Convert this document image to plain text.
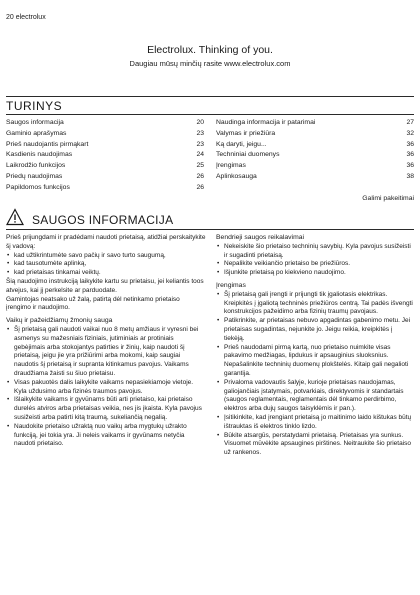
20 electrolux
Electrolux. Thinking of you.
Daugiau mūsų minčių rasite www.electrolux.com
TURINYS
Saugos informacija	20
Gaminio aprašymas	23
Prieš naudojantis pirmąkart	23
Kasdienis naudojimas	24
Laikrodžio funkcijos	25
Priedų naudojimas	26
Papildomos funkcijos	26
Naudinga informacija ir patarimai	27
Valymas ir priežiūra	32
Ką daryti, jeigu...	36
Techniniai duomenys	36
Įrengimas	36
Aplinkosauga	38
Galimi pakeitimai
SAUGOS INFORMACIJA

Prieš prijungdami ir pradėdami naudoti prietaisą, atidžiai perskaitykite šį vadovą:

• kad užtikrintumėte savo pačių ir savo turto saugumą,
• kad tausotumėte aplinką,
• kad prietaisas tinkamai veiktų.

Šią naudojimo instrukciją laikykite kartu su prietaisu, jei keliantis toos atvejus, kai jį perkelsite ar parduodate.

Gamintojas neatsako už žalą, patirtą dėl netinkamo prietaiso įrengimo ir naudojimo.

Vaikų ir pažeidžiamų žmonių sauga
• Šį prietaisą gali naudoti vaikai nuo 8 metų amžiaus ir vyresni bei asmenys su mažesniais fiziniais, jutiminiais ar protiniais gebėjimais arba stokojantys patirties ir žinių, kaip naudoti šį prietaisą, jeigu jie yra prižiūrimi arba mokomi, kaip saugiai naudotis šį prietaisą ir supranta kitinkamus pavojus. Vaikams draudžiama žaisti su šiuo prietaisu.
• Visas pakuotės dalis laikykite vaikams nepasiekiamoje vietoje. Kyla uždusimo arba fizinės traumos pavojus.
• Išlaikykite vaikams ir gyvūnams būti arti prietaiso, kai prietaiso durelės atviros arba prietaisas veikia, nes jis įkaista. Kyla pavojus susižeisti arba patirti kitą traumą, sukeliančią negalią.
• Naudokite prietaiso užraktą nuo vaikų arba mygtukų užrakto funkciją, jei tokia yra. Ji neleis vaikams ir gyvūnams netyčia naudoti prietaiso.
Bendrieji saugos reikalavimai
• Nekeiskite šio prietaiso techninių savybių. Kyla pavojus susižeisti ir sugadinti prietaisą.
• Nepalikite veikiančio prietaiso be priežiūros.
• Išjunkite prietaisą po kiekvieno naudojimo.
Įrengimas
• Šį prietaisą gali įrengti ir prijungti tik įgaliotasis elektrikas. Kreipkitės į įgaliotą techninės priežiūros centrą. Tai padės išvengti konstrukcijos pažeidimo arba fizinių traumų pavojaus.
• Patikrinkite, ar prietaisas nebuvo apgadintas gabenimo metu. Jei prietaisas sugadintas, nejunkite jo. Jeigu reikia, kreipkitės į tiekėją.
• Prieš naudodami pirmą kartą, nuo prietaiso nuimkite visas pakavimo medžiagas, lipdukus ir apsauginius sluoksnius. Nepašalinkite techninių duomenų plokštelės. Kitaip gali negalioti garantija.
• Privaloma vadovautis šalyje, kurioje prietaisas naudojamas, galiojančiais įstatymais, potvarkiais, direktyvomis ir standartais (saugos reglamentais, reglamentais dėl tinkamo perdirbimo, elektros arba dujų saugos taisyklėmis ir pan.).
• Įsitikinkite, kad įrengiant prietaisą jo maitinimo laido kištukas būtų ištrauktas iš elektros tinklo lizdo.
• Būkite atsargūs, perstatydami prietaisą. Prietaisas yra sunkus. Visuomet mūvėkite apsaugines pirštines. Neitraukite šio prietaiso už rankenos.
